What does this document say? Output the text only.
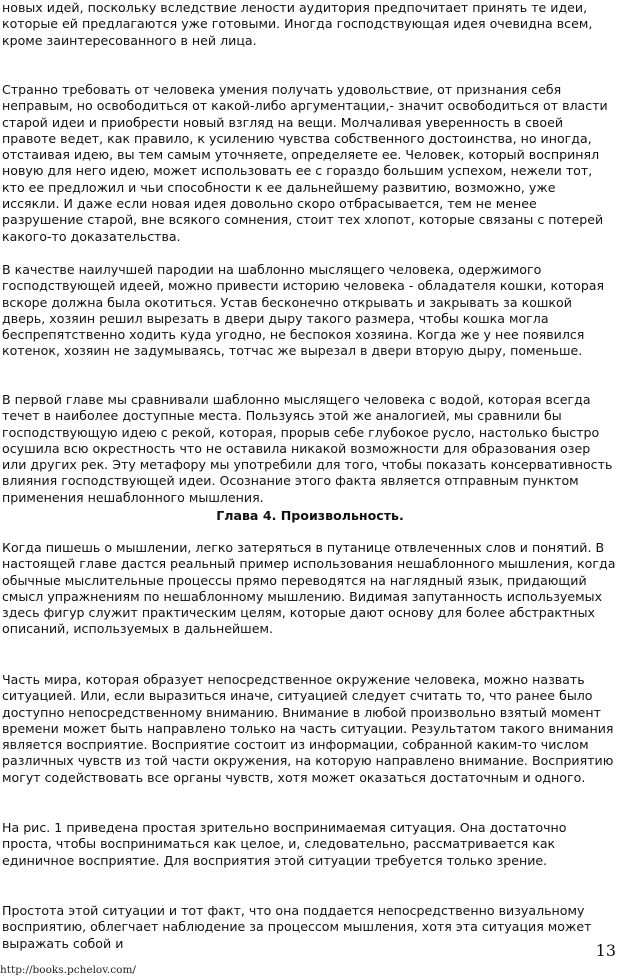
новых идей, поскольку вследствие лености аудитория предпочитает принять те идеи, которые ей предлагаются уже готовыми. Иногда господствующая идея очевидна всем, кроме заинтересованного в ней лица.

Странно требовать от человека умения получать удовольствие, от признания себя неправым, но освободиться от какой-либо аргументации,- значит освободиться от власти старой идеи и приобрести новый взгляд на вещи. Молчаливая уверенность в своей правоте ведет, как правило, к усилению чувства собственного достоинства, но иногда, отстаивая идею, вы тем самым уточняете, определяете ее. Человек, который воспринял новую для него идею, может использовать ее с гораздо большим успехом, нежели тот, кто ее предложил и чьи способности к ее дальнейшему развитию, возможно, уже иссякли. И даже если новая идея довольно скоро отбрасывается, тем не менее разрушение старой, вне всякого сомнения, стоит тех хлопот, которые связаны с потерей какого-то доказательства.

В качестве наилучшей пародии на шаблонно мыслящего человека, одержимого господствующей идеей, можно привести историю человека - обладателя кошки, которая вскоре должна была окотиться. Устав бесконечно открывать и закрывать за кошкой дверь, хозяин решил вырезать в двери дыру такого размера, чтобы кошка могла беспрепятственно ходить куда угодно, не беспокоя хозяина. Когда же у нее появился котенок, хозяин не задумываясь, тотчас же вырезал в двери вторую дыру, поменьше.

В первой главе мы сравнивали шаблонно мыслящего человека с водой, которая всегда течет в наиболее доступные места. Пользуясь этой же аналогией, мы сравнили бы господствующую идею с рекой, которая, прорыв себе глубокое русло, настолько быстро осушила всю окрестность что не оставила никакой возможности для образования озер или других рек. Эту метафору мы употребили для того, чтобы показать консервативность влияния господствующей идеи. Осознание этого факта является отправным пунктом применения нешаблонного мышления.

Глава 4. Произвольность.

Когда пишешь о мышлении, легко затеряться в путанице отвлеченных слов и понятий. В настоящей главе дастся реальный пример использования нешаблонного мышления, когда обычные мыслительные процессы прямо переводятся на наглядный язык, придающий смысл упражнениям по нешаблонному мышлению. Видимая запутанность используемых здесь фигур служит практическим целям, которые дают основу для более абстрактных описаний, используемых в дальнейшем.

Часть мира, которая образует непосредственное окружение человека, можно назвать ситуацией. Или, если выразиться иначе, ситуацией следует считать то, что ранее было доступно непосредственному вниманию. Внимание в любой произвольно взятый момент времени может быть направлено только на часть ситуации. Результатом такого внимания является восприятие. Восприятие состоит из информации, собранной каким-то числом различных чувств из той части окружения, на которую направлено внимание. Восприятию могут содействовать все органы чувств, хотя может оказаться достаточным и одного.

На рис. 1 приведена простая зрительно воспринимаемая ситуация. Она достаточно проста, чтобы восприниматься как целое, и, следовательно, рассматривается как единичное восприятие. Для восприятия этой ситуации требуется только зрение.

Простота этой ситуации и тот факт, что она поддается непосредственно визуальному восприятию, облегчает наблюдение за процессом мышления, хотя эта ситуация может выражать собой и	13
http://books.pchelov.com/
